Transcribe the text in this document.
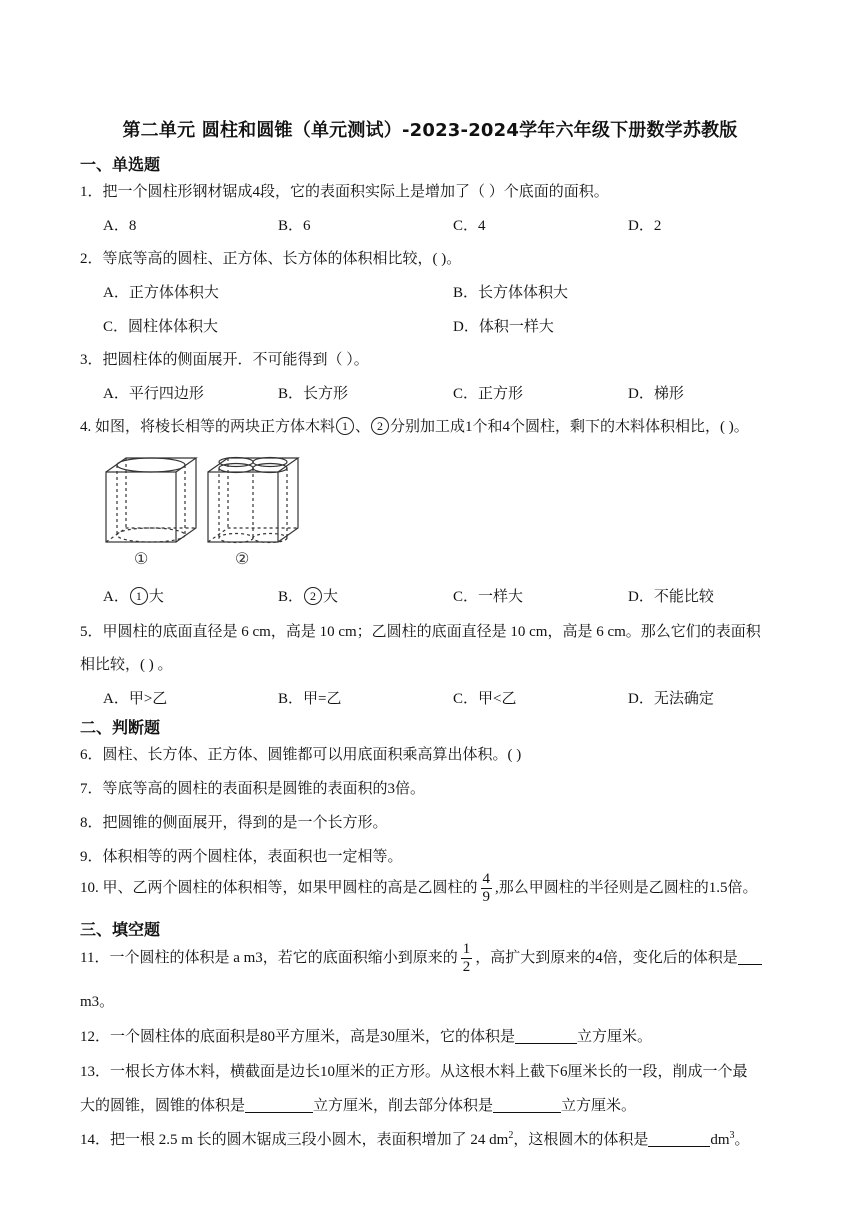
第二单元 圆柱和圆锥（单元测试）-2023-2024学年六年级下册数学苏教版
一、单选题
1．把一个圆柱形钢材锯成4段，它的表面积实际上是增加了（ ）个底面的面积。
A．8	B．6	C．4	D．2
2．等底等高的圆柱、正方体、长方体的体积相比较，( )。
A．正方体体积大	B．长方体体积大
C．圆柱体体积大	D．体积一样大
3．把圆柱体的侧面展开．不可能得到（ ）。
A．平行四边形	B．长方形	C．正方形	D．梯形
4. 如图，将棱长相等的两块正方体木料 1 、 2 分别加工成1个和4个圆柱，剩下的木料体积相比，( )。
①	②
A． 1 大	B． 2 大	C．一样大	D．不能比较
5．甲圆柱的底面直径是 6 cm，高是 10 cm；乙圆柱的底面直径是 10 cm，高是 6 cm。那么它们的表面积
相比较，( ) 。
A．甲>乙	B．甲=乙	C．甲<乙	D．无法确定
二、判断题
6．圆柱、长方体、正方体、圆锥都可以用底面积乘高算出体积。( )
7．等底等高的圆柱的表面积是圆锥的表面积的3倍。
8．把圆锥的侧面展开，得到的是一个长方形。
9．体积相等的两个圆柱体，表面积也一定相等。
10. 甲、乙两个圆柱的体积相等，如果甲圆柱的高是乙圆柱的 $\frac{4}{9}$ ,那么甲圆柱的半径则是乙圆柱的1.5倍。
三、填空题
11．一个圆柱的体积是 a m3，若它的底面积缩小到原来的 $\frac{1}{2}$ ，高扩大到原来的4倍，变化后的体积是
m3。
12．一个圆柱体的底面积是80平方厘米，高是30厘米，它的体积是	立方厘米。
13．一根长方体木料，横截面是边长10厘米的正方形。从这根木料上截下6厘米长的一段，削成一个最
大的圆锥，圆锥的体积是	立方厘米，削去部分体积是	立方厘米。
14．把一根 2.5 m 长的圆木锯成三段小圆木，表面积增加了 24 $dm^2$，这根圆木的体积是	$dm^3$。
